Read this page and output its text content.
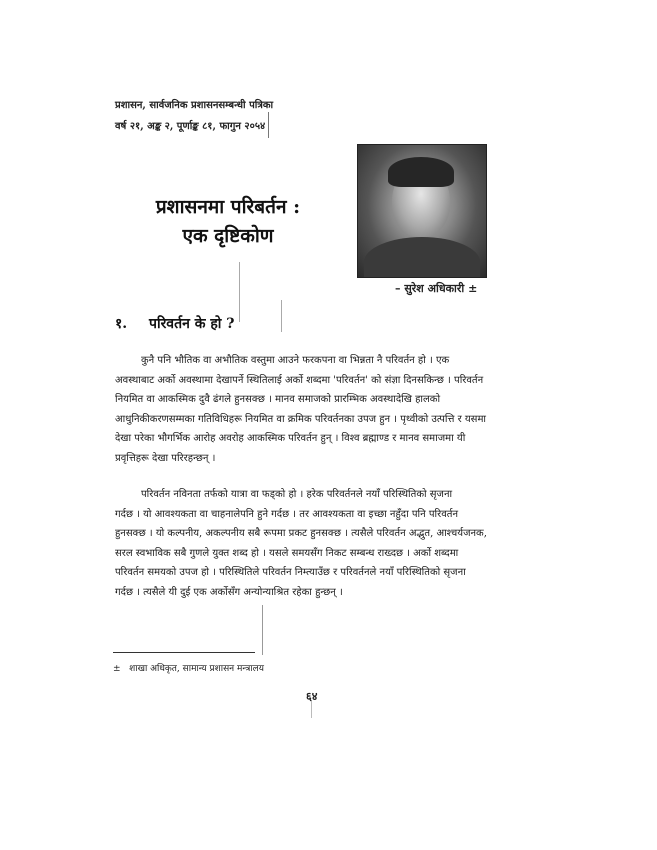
प्रशासन, सार्वजनिक प्रशासनसम्बन्धी पत्रिका
वर्ष २१, अङ्क २, पूर्णाङ्क ८१, फागुन २०५४
प्रशासनमा परिबर्तन :
एक दृष्टिकोण
– सुरेश अधिकारी ±
१. परिवर्तन के हो ?
कुनै पनि भौतिक वा अभौतिक वस्तुमा आउने फरकपना वा भिन्नता नै परिवर्तन हो । एक
अवस्थाबाट अर्को अवस्थामा देखापर्ने स्थितिलाई अर्को शब्दमा 'परिवर्तन' को संज्ञा दिनसकिन्छ । परिवर्तन
नियमित वा आकस्मिक दुवै ढंगले हुनसक्छ । मानव समाजको प्रारम्भिक अवस्थादेखि हालको
आधुनिकीकरणसम्मका गतिविधिहरू नियमित वा क्रमिक परिवर्तनका उपज हुन । पृथ्वीको उत्पत्ति र यसमा
देखा परेका भौगर्भिक आरोह अवरोह आकस्मिक परिवर्तन हुन् । विश्व ब्रह्माण्ड र मानव समाजमा यी
प्रवृत्तिहरू देखा परिरहन्छन् ।
परिवर्तन नविनता तर्फको यात्रा वा फड्को हो । हरेक परिवर्तनले नयाँ परिस्थितिको सृजना
गर्दछ । यो आवश्यकता वा चाहनालेपनि हुने गर्दछ । तर आवश्यकता वा इच्छा नहुँदा पनि परिवर्तन
हुनसक्छ । यो कल्पनीय, अकल्पनीय सबै रूपमा प्रकट हुनसक्छ । त्यसैले परिवर्तन अद्भुत, आश्चर्यजनक,
सरल स्वभाविक सबै गुणले युक्त शब्द हो । यसले समयसँग निकट सम्बन्ध राख्दछ । अर्को शब्दमा
परिवर्तन समयको उपज हो । परिस्थितिले परिवर्तन निम्त्याउँछ र परिवर्तनले नयाँ परिस्थितिको सृजना
गर्दछ । त्यसैले यी दुई एक अर्कोसँग अन्योन्याश्रित रहेका हुन्छन् ।
± शाखा अधिकृत, सामान्य प्रशासन मन्त्रालय
६४
